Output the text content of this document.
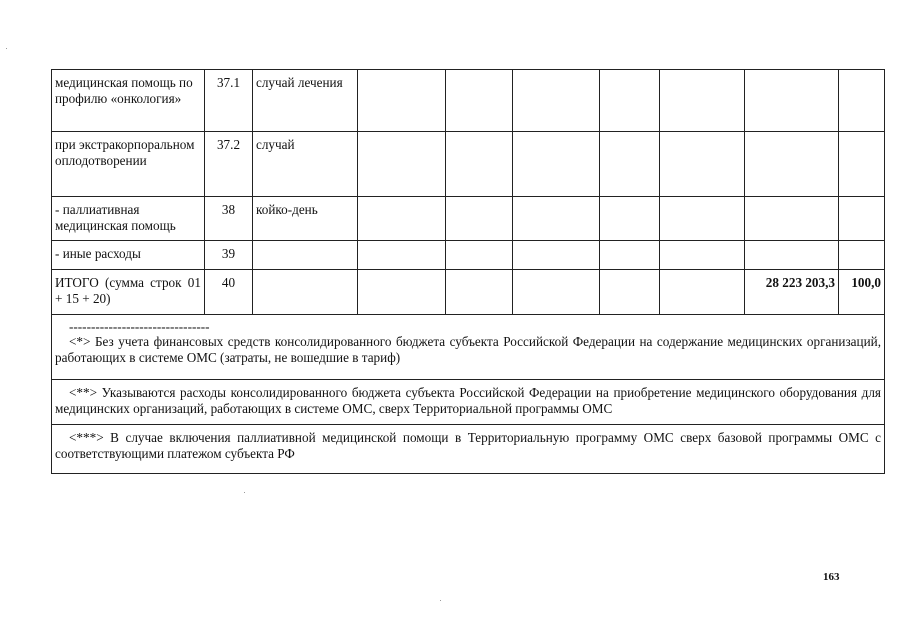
медицинская помощь по профилю «онкология»	37.1	случай лечения							
при экстракорпоральном оплодотворении	37.2	случай							
- паллиативная медицинская помощь	38	койко-день							
- иные расходы	39								
ИТОГО (сумма строк 01 + 15 + 20)	40							28 223 203,3	100,0

--------------------------------
<*> Без учета финансовых средств консолидированного бюджета субъекта Российской Федерации на содержание медицинских организаций, работающих в системе ОМС (затраты, не вошедшие в тариф)									

<**> Указываются расходы консолидированного бюджета субъекта Российской Федерации на приобретение медицинского оборудования для медицинских организаций, работающих в системе ОМС, сверх Территориальной программы ОМС									
<***> В случае включения паллиативной медицинской помощи в Территориальную программу ОМС сверх базовой программы ОМС с соответствующими платежом субъекта РФ									
163
